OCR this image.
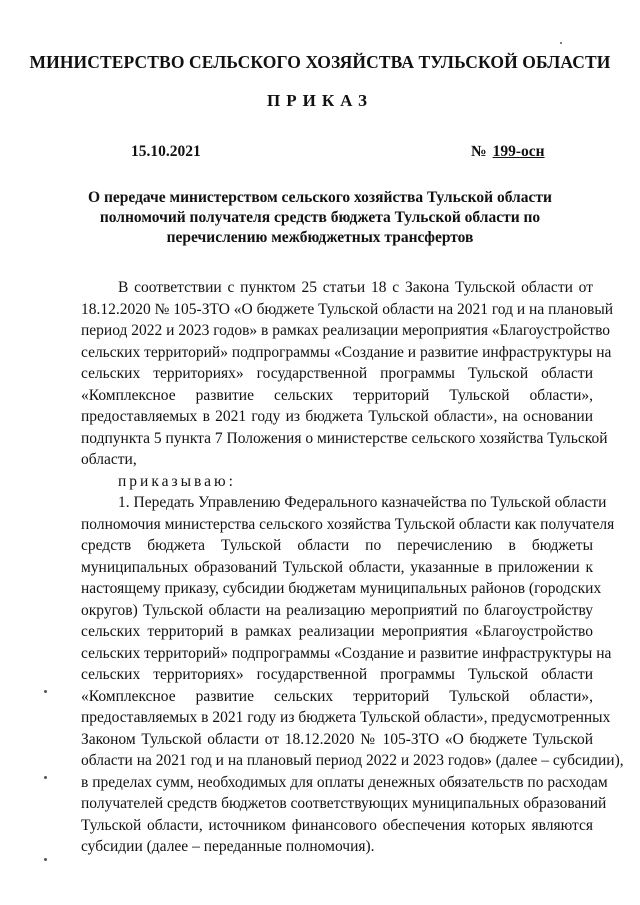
МИНИСТЕРСТВО СЕЛЬСКОГО ХОЗЯЙСТВА ТУЛЬСКОЙ ОБЛАСТИ
ПРИКАЗ
15.10.2021	№ 199-осн
О передаче министерством сельского хозяйства Тульской области
полномочий получателя средств бюджета Тульской области по
перечислению межбюджетных трансфертов
В соответствии с пунктом 25 статьи 18 с Закона Тульской области от
18.12.2020 № 105-ЗТО «О бюджете Тульской области на 2021 год и на плановый
период 2022 и 2023 годов» в рамках реализации мероприятия «Благоустройство
сельских территорий» подпрограммы «Создание и развитие инфраструктуры на
сельских территориях» государственной программы Тульской области
«Комплексное развитие сельских территорий Тульской области»,
предоставляемых в 2021 году из бюджета Тульской области», на основании
подпункта 5 пункта 7 Положения о министерстве сельского хозяйства Тульской
области,
приказываю:
1. Передать Управлению Федерального казначейства по Тульской области
полномочия министерства сельского хозяйства Тульской области как получателя
средств бюджета Тульской области по перечислению в бюджеты
муниципальных образований Тульской области, указанные в приложении к
настоящему приказу, субсидии бюджетам муниципальных районов (городских
округов) Тульской области на реализацию мероприятий по благоустройству
сельских территорий в рамках реализации мероприятия «Благоустройство
сельских территорий» подпрограммы «Создание и развитие инфраструктуры на
сельских территориях» государственной программы Тульской области
«Комплексное развитие сельских территорий Тульской области»,
предоставляемых в 2021 году из бюджета Тульской области», предусмотренных
Законом Тульской области от 18.12.2020 № 105-ЗТО «О бюджете Тульской
области на 2021 год и на плановый период 2022 и 2023 годов» (далее – субсидии),
в пределах сумм, необходимых для оплаты денежных обязательств по расходам
получателей средств бюджетов соответствующих муниципальных образований
Тульской области, источником финансового обеспечения которых являются
субсидии (далее – переданные полномочия).
